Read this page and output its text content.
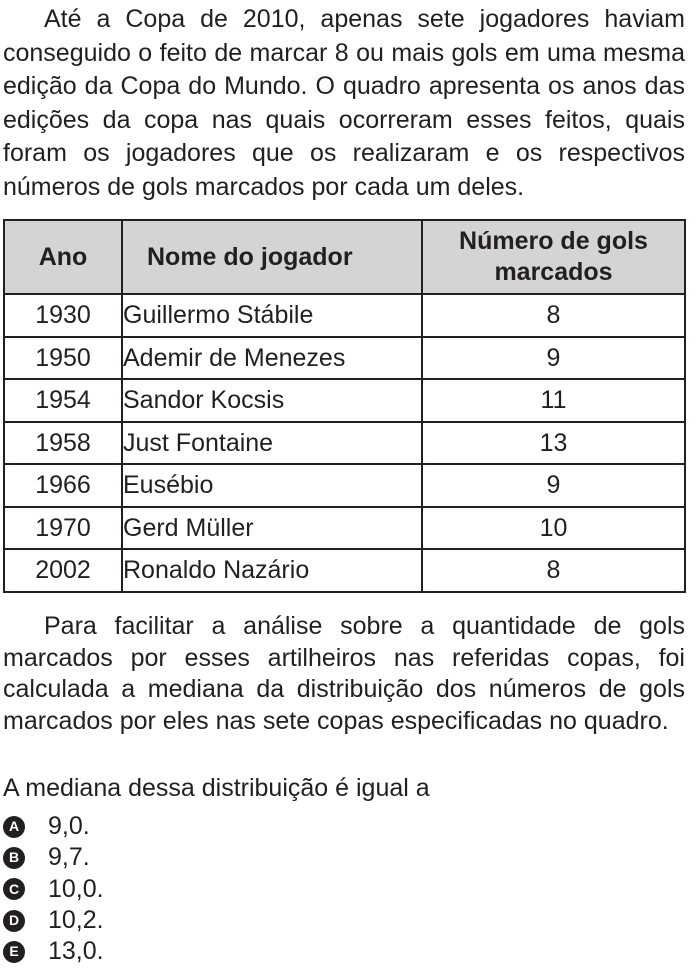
Até a Copa de 2010, apenas sete jogadores haviam conseguido o feito de marcar 8 ou mais gols em uma mesma edição da Copa do Mundo. O quadro apresenta os anos das edições da copa nas quais ocorreram esses feitos, quais foram os jogadores que os realizaram e os respectivos números de gols marcados por cada um deles.

Ano	Nome do jogador	Número de gols marcados
1930	Guillermo Stábile	8
1950	Ademir de Menezes	9
1954	Sandor Kocsis	11
1958	Just Fontaine	13
1966	Eusébio	9
1970	Gerd Müller	10
2002	Ronaldo Nazário	8

Para facilitar a análise sobre a quantidade de gols marcados por esses artilheiros nas referidas copas, foi calculada a mediana da distribuição dos números de gols marcados por eles nas sete copas especificadas no quadro.

A mediana dessa distribuição é igual a

A 9,0.
B 9,7.
C 10,0.
D 10,2.
E 13,0.
